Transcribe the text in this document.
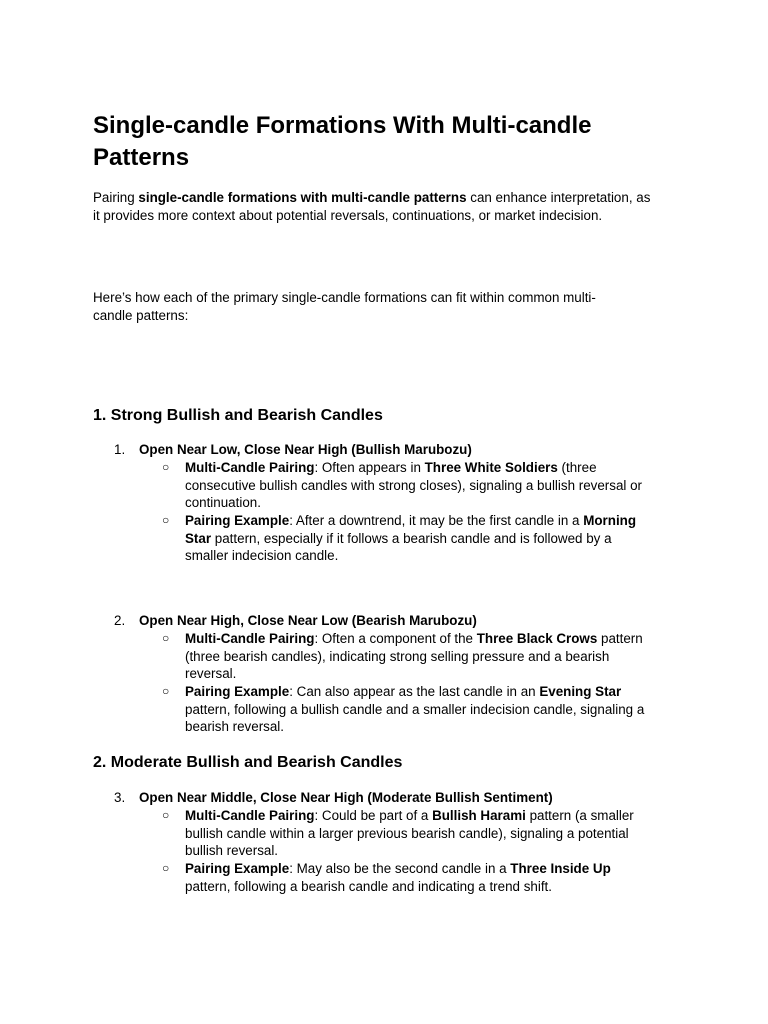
Single-candle Formations With Multi-candle Patterns

Pairing single-candle formations with multi-candle patterns can enhance interpretation, as it provides more context about potential reversals, continuations, or market indecision.

Here’s how each of the primary single-candle formations can fit within common multi-candle patterns:

1. Strong Bullish and Bearish Candles
1.	Open Near Low, Close Near High (Bullish Marubozu)
○ Multi-Candle Pairing: Often appears in Three White Soldiers (three consecutive bullish candles with strong closes), signaling a bullish reversal or continuation.
○ Pairing Example: After a downtrend, it may be the first candle in a Morning Star pattern, especially if it follows a bearish candle and is followed by a smaller indecision candle.
2.	Open Near High, Close Near Low (Bearish Marubozu)
○ Multi-Candle Pairing: Often a component of the Three Black Crows pattern (three bearish candles), indicating strong selling pressure and a bearish reversal.
○ Pairing Example: Can also appear as the last candle in an Evening Star pattern, following a bullish candle and a smaller indecision candle, signaling a bearish reversal.
2. Moderate Bullish and Bearish Candles
3.	Open Near Middle, Close Near High (Moderate Bullish Sentiment)
○ Multi-Candle Pairing: Could be part of a Bullish Harami pattern (a smaller bullish candle within a larger previous bearish candle), signaling a potential bullish reversal.
○ Pairing Example: May also be the second candle in a Three Inside Up pattern, following a bearish candle and indicating a trend shift.
